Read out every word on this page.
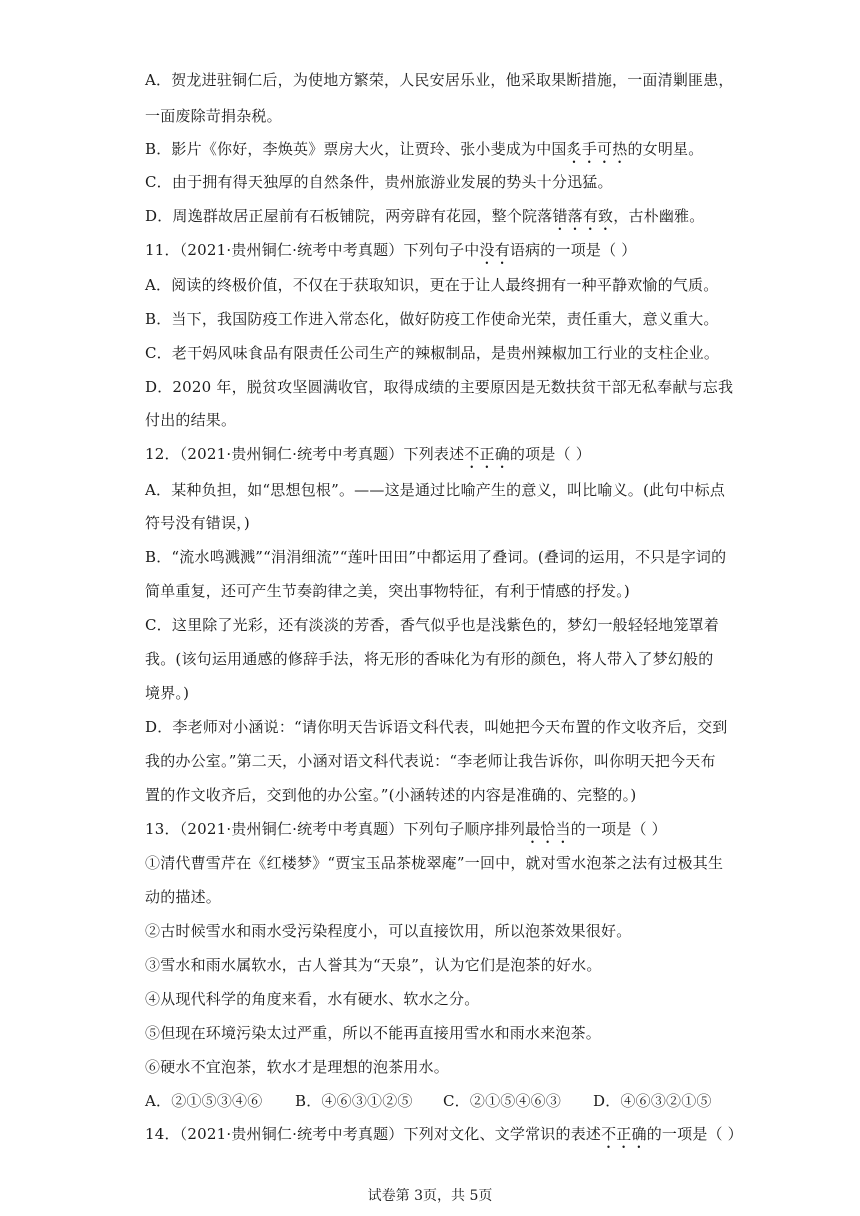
A．贺龙进驻铜仁后，为使地方繁荣，人民安居乐业，他采取果断措施，一面清剿匪患，
一面废除苛捐杂税。
B．影片《你好，李焕英》票房大火，让贾玲、张小斐成为中国炙手可热的女明星。
C．由于拥有得天独厚的自然条件，贵州旅游业发展的势头十分迅猛。
D．周逸群故居正屋前有石板铺院，两旁辟有花园，整个院落错落有致，古朴幽雅。
11．（2021·贵州铜仁·统考中考真题）下列句子中没有语病的一项是（ ）
A．阅读的终极价值，不仅在于获取知识，更在于让人最终拥有一种平静欢愉的气质。
B．当下，我国防疫工作进入常态化，做好防疫工作使命光荣，责任重大，意义重大。
C．老干妈风味食品有限责任公司生产的辣椒制品，是贵州辣椒加工行业的支柱企业。
D．2020 年，脱贫攻坚圆满收官，取得成绩的主要原因是无数扶贫干部无私奉献与忘我
付出的结果。
12．（2021·贵州铜仁·统考中考真题）下列表述不正确的项是（ ）
A．某种负担，如“思想包根”。——这是通过比喻产生的意义，叫比喻义。(此句中标点
符号没有错误，)
B．“流水鸣溅溅”“涓涓细流”“莲叶田田”中都运用了叠词。(叠词的运用，不只是字词的
简单重复，还可产生节奏韵律之美，突出事物特征，有利于情感的抒发。)
C．这里除了光彩，还有淡淡的芳香，香气似乎也是浅紫色的，梦幻一般轻轻地笼罩着
我。(该句运用通感的修辞手法，将无形的香味化为有形的颜色，将人带入了梦幻般的
境界。)
D．李老师对小涵说：“请你明天告诉语文科代表，叫她把今天布置的作文收齐后，交到
我的办公室。”第二天，小涵对语文科代表说：“李老师让我告诉你，叫你明天把今天布
置的作文收齐后，交到他的办公室。”(小涵转述的内容是准确的、完整的。)
13．（2021·贵州铜仁·统考中考真题）下列句子顺序排列最恰当的一项是（ ）
①清代曹雪芹在《红楼梦》“贾宝玉品茶栊翠庵”一回中，就对雪水泡茶之法有过极其生
动的描述。
②古时候雪水和雨水受污染程度小，可以直接饮用，所以泡茶效果很好。
③雪水和雨水属软水，古人誉其为“天泉”，认为它们是泡茶的好水。
④从现代科学的角度来看，水有硬水、软水之分。
⑤但现在环境污染太过严重，所以不能再直接用雪水和雨水来泡茶。
⑥硬水不宜泡茶，软水才是理想的泡茶用水。
A．②①⑤③④⑥ B．④⑥③①②⑤ C．②①⑤④⑥③ D．④⑥③②①⑤
14．（2021·贵州铜仁·统考中考真题）下列对文化、文学常识的表述不正确的一项是（ ）
试卷第 3页，共 5页
